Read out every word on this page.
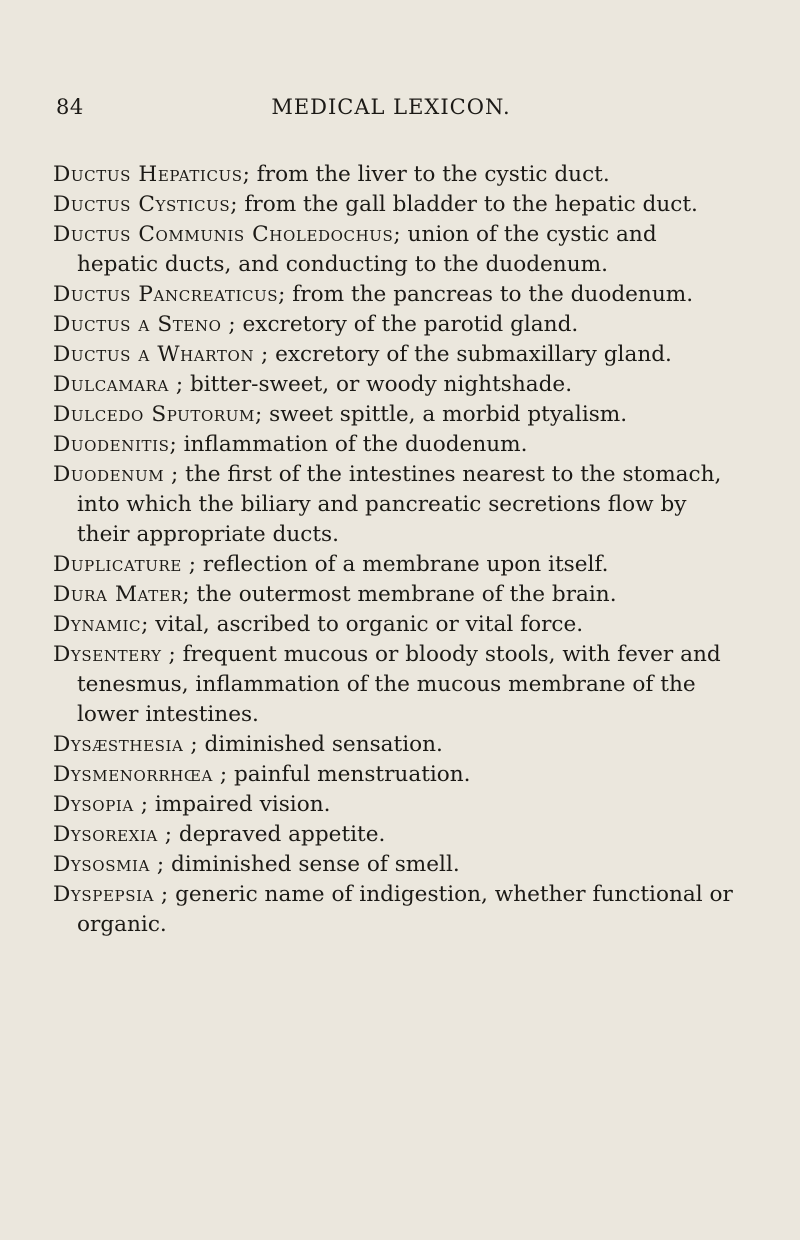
84	MEDICAL LEXICON.

Ductus Hepaticus; from the liver to the cystic duct.

Ductus Cysticus; from the gall bladder to the hepatic duct.

Ductus Communis Choledochus; union of the cystic and hepatic ducts, and conducting to the duodenum.

Ductus Pancreaticus; from the pancreas to the duodenum.

Ductus a Steno ; excretory of the parotid gland.

Ductus a Wharton ; excretory of the submaxillary gland.

Dulcamara ; bitter-sweet, or woody nightshade.

Dulcedo Sputorum; sweet spittle, a morbid ptyalism.

Duodenitis; inflammation of the duodenum.

Duodenum ; the first of the intestines nearest to the stomach, into which the biliary and pancreatic secretions flow by their appropriate ducts.

Duplicature ; reflection of a membrane upon itself.

Dura Mater; the outermost membrane of the brain.

Dynamic; vital, ascribed to organic or vital force.

Dysentery ; frequent mucous or bloody stools, with fever and tenesmus, inflammation of the mucous membrane of the lower intestines.

Dysæsthesia ; diminished sensation.

Dysmenorrhœa ; painful menstruation.

Dysopia ; impaired vision.

Dysorexia ; depraved appetite.

Dysosmia ; diminished sense of smell.

Dyspepsia ; generic name of indigestion, whether functional or organic.
